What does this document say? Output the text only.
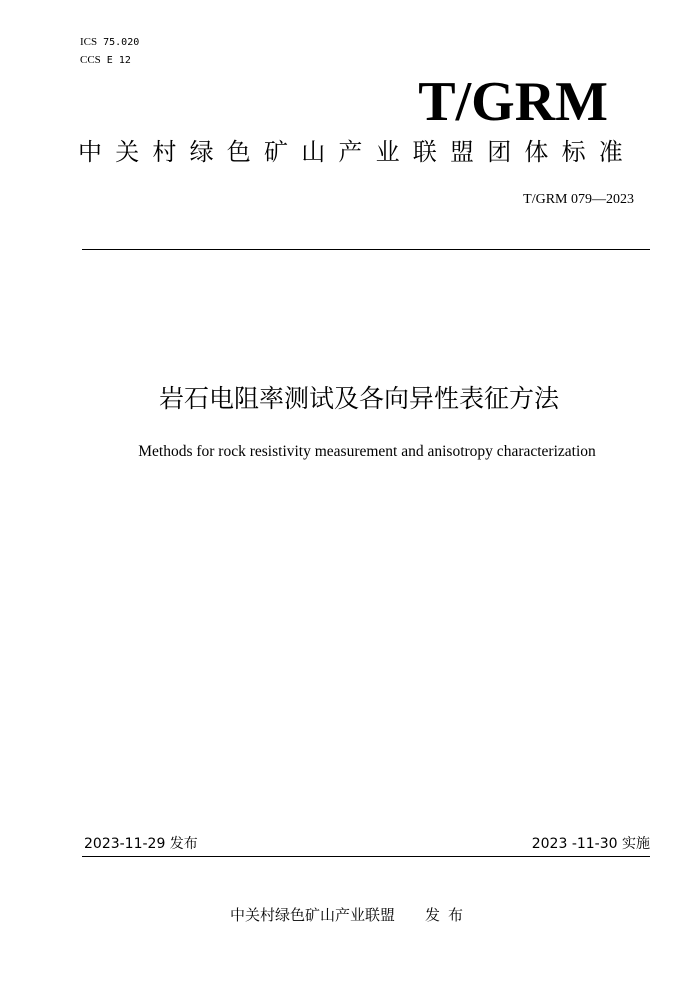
ICS 75.020
CCS E 12
T/GRM
中关村绿色矿山产业联盟团体标准
T/GRM 079—2023
岩石电阻率测试及各向异性表征方法
Methods for rock resistivity measurement and anisotropy characterization
2023-11-29 发布	2023 -11-30 实施
中关村绿色矿山产业联盟 发布
